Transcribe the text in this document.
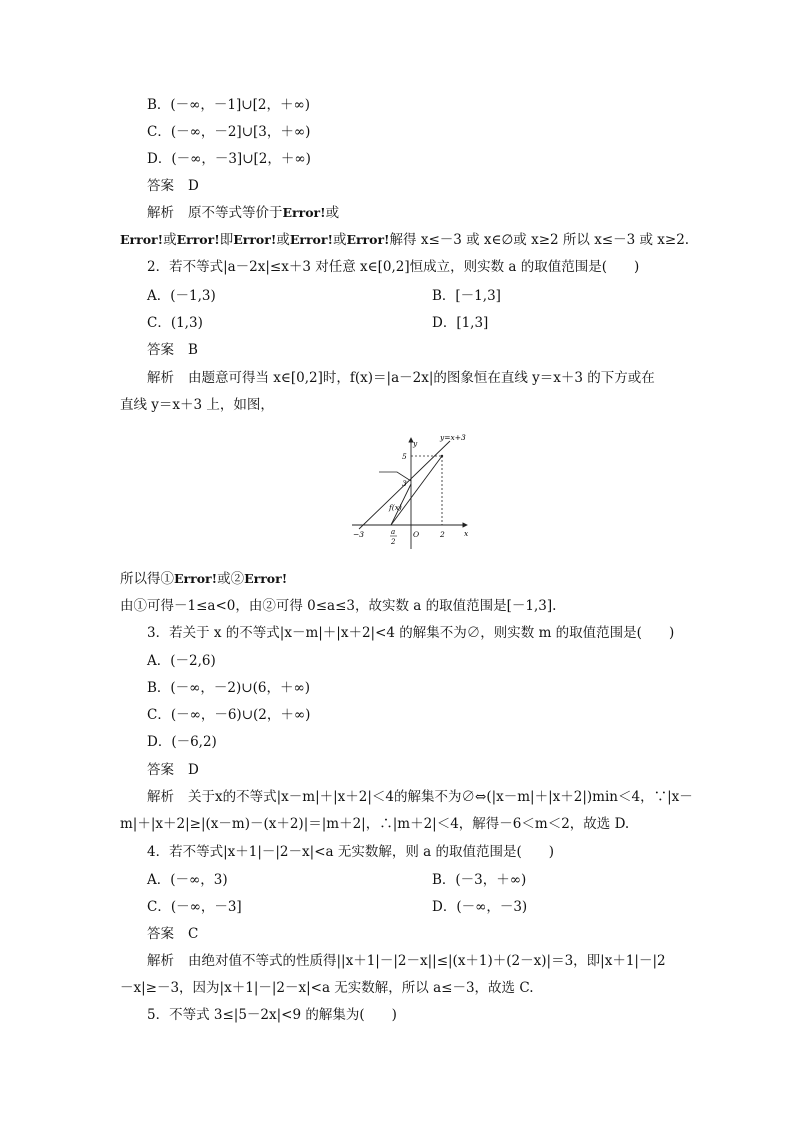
B．(－∞，－1]∪[2，＋∞)
C．(－∞，－2]∪[3，＋∞)
D．(－∞，－3]∪[2，＋∞)
答案 D
解析 原不等式等价于Error!或
Error!或Error!即Error!或Error!或Error!解得 x≤－3 或 x∈∅或 x≥2 所以 x≤－3 或 x≥2.
2．若不等式|a－2x|≤x＋3 对任意 x∈[0,2]恒成立，则实数 a 的取值范围是(　　)
A．(－1,3)	B．[－1,3]
C．(1,3)	D．[1,3]
答案 B
解析 由题意可得当 x∈[0,2]时，f(x)＝|a－2x|的图象恒在直线 y＝x＋3 的下方或在
直线 y＝x＋3 上，如图，
y=x+3
y
x
5
3
−3	O	2
a
2
f(x)
所以得①Error!或②Error!
由①可得－1≤a<0，由②可得 0≤a≤3，故实数 a 的取值范围是[－1,3].
3．若关于 x 的不等式|x－m|＋|x＋2|<4 的解集不为∅，则实数 m 的取值范围是(　　)
A．(－2,6)
B．(－∞，－2)∪(6，＋∞)
C．(－∞，－6)∪(2，＋∞)
D．(－6,2)
答案 D
解析 关于x的不等式|x－m|＋|x＋2|＜4的解集不为∅⇔(|x－m|＋|x＋2|)min＜4，∵|x－
m|＋|x＋2|≥|(x－m)－(x＋2)|＝|m＋2|，∴|m＋2|＜4，解得－6＜m＜2，故选 D.
4．若不等式|x＋1|－|2－x|<a 无实数解，则 a 的取值范围是(　　)
A．(－∞，3)	B．(－3，＋∞)
C．(－∞，－3]	D．(－∞，－3)
答案 C
解析 由绝对值不等式的性质得||x＋1|－|2－x||≤|(x＋1)＋(2－x)|＝3，即|x＋1|－|2
－x|≥－3，因为|x＋1|－|2－x|<a 无实数解，所以 a≤－3，故选 C.
5．不等式 3≤|5－2x|<9 的解集为(　　)
